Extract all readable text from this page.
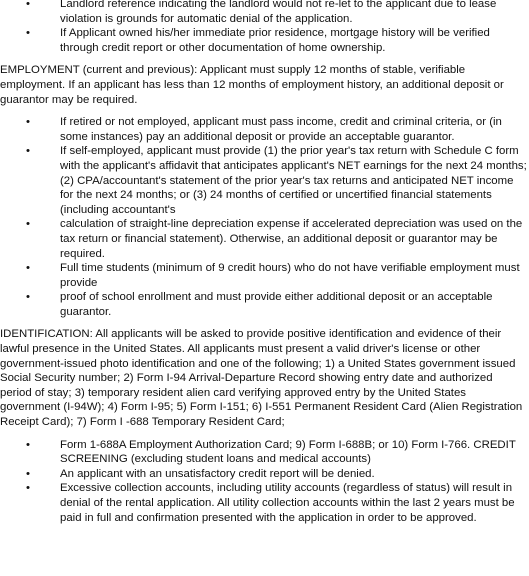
•	Landlord reference indicating the landlord would not re-let to the applicant due to lease violation is grounds for automatic denial of the application.
•	If Applicant owned his/her immediate prior residence, mortgage history will be verified through credit report or other documentation of home ownership.
EMPLOYMENT (current and previous): Applicant must supply 12 months of stable, verifiable employment. If an applicant has less than 12 months of employment history, an additional deposit or guarantor may be required.
•	If retired or not employed, applicant must pass income, credit and criminal criteria, or (in some instances) pay an additional deposit or provide an acceptable guarantor.
•	If self-employed, applicant must provide (1) the prior year's tax return with Schedule C form with the applicant's affidavit that anticipates applicant's NET earnings for the next 24 months; (2) CPA/accountant's statement of the prior year's tax returns and anticipated NET income for the next 24 months; or (3) 24 months of certified or uncertified financial statements (including accountant's
•	calculation of straight-line depreciation expense if accelerated depreciation was used on the tax return or financial statement). Otherwise, an additional deposit or guarantor may be required.
•	Full time students (minimum of 9 credit hours) who do not have verifiable employment must provide
•	proof of school enrollment and must provide either additional deposit or an acceptable guarantor.
IDENTIFICATION: All applicants will be asked to provide positive identification and evidence of their lawful presence in the United States. All applicants must present a valid driver's license or other government-issued photo identification and one of the following; 1) a United States government issued Social Security number; 2) Form I-94 Arrival-Departure Record showing entry date and authorized period of stay; 3) temporary resident alien card verifying approved entry by the United States government (I-94W); 4) Form I-95; 5) Form I-151; 6) I-551 Permanent Resident Card (Alien Registration Receipt Card); 7) Form I -688 Temporary Resident Card;
•	Form 1-688A Employment Authorization Card; 9) Form I-688B; or 10) Form I-766. CREDIT SCREENING (excluding student loans and medical accounts)
•	An applicant with an unsatisfactory credit report will be denied.
•	Excessive collection accounts, including utility accounts (regardless of status) will result in denial of the rental application. All utility collection accounts within the last 2 years must be paid in full and confirmation presented with the application in order to be approved.
